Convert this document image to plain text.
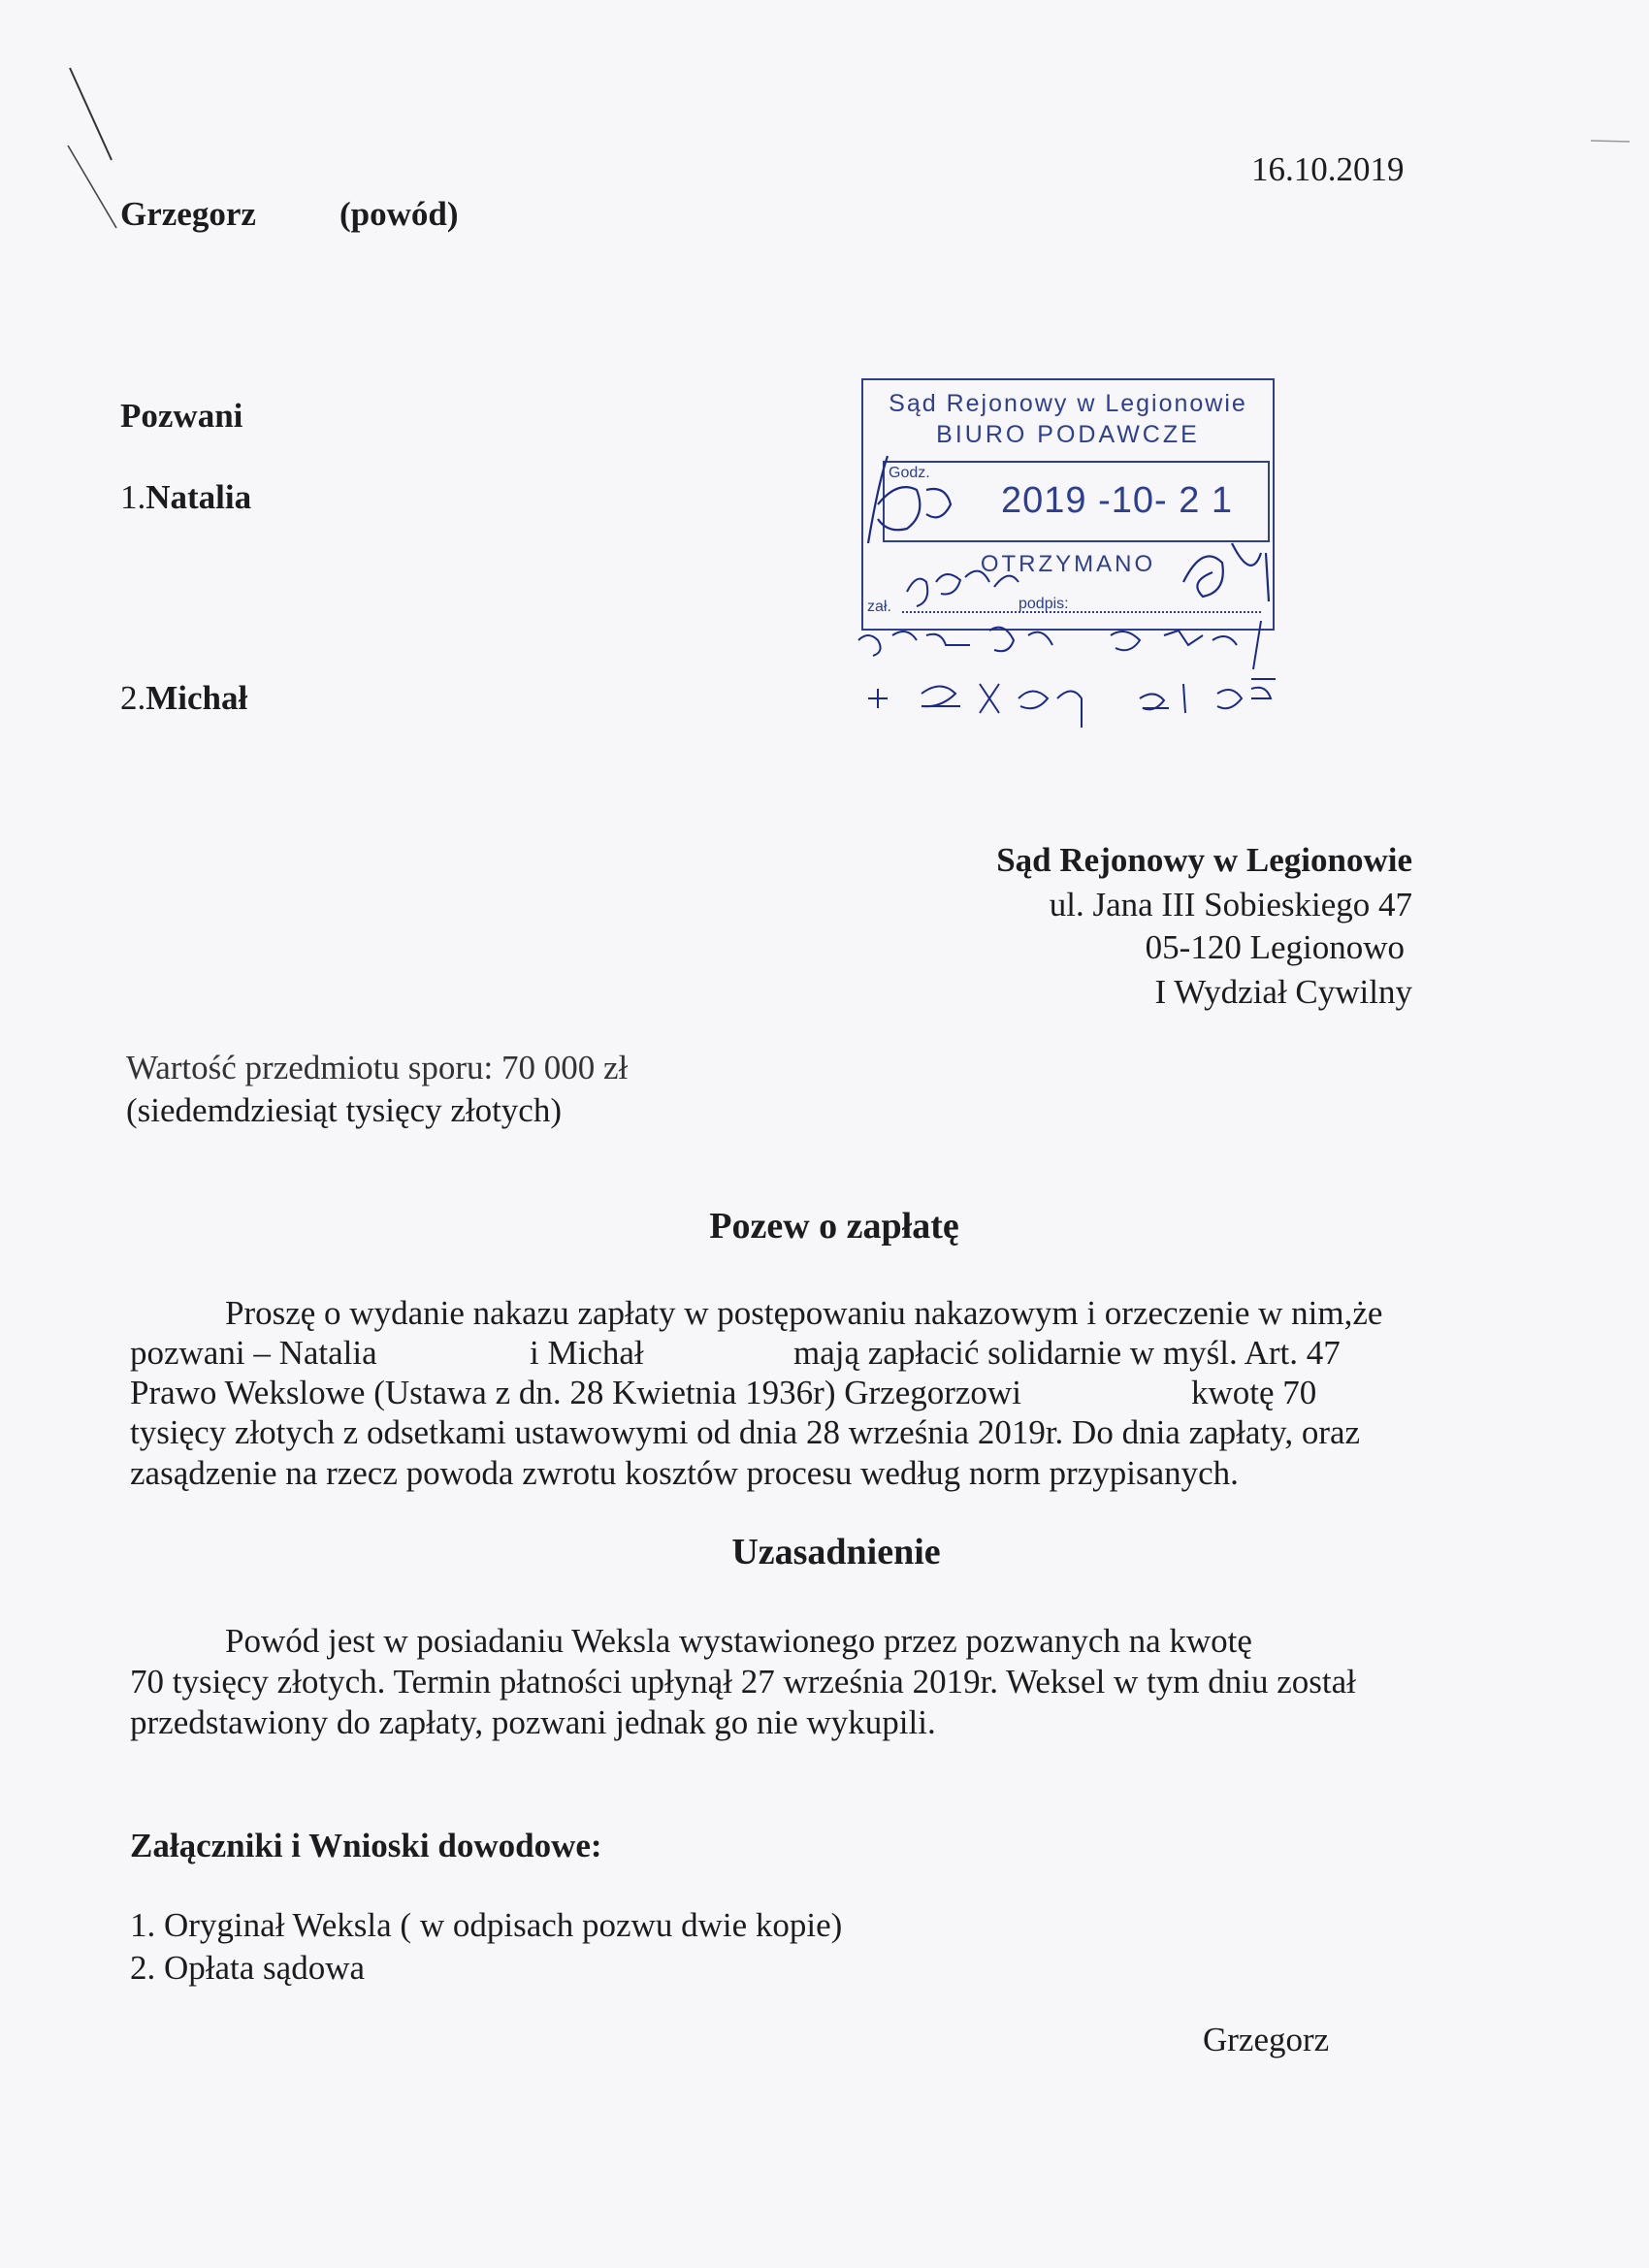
16.10.2019
Grzegorz (powód)
Pozwani
1.Natalia
2.Michał
Sąd Rejonowy w Legionowie
BIURO PODAWCZE
Godz.
2019 -10- 2 1
OTRZYMANO
zał.	podpis:
Sąd Rejonowy w Legionowie
ul. Jana III Sobieskiego 47
05-120 Legionowo
I Wydział Cywilny
Wartość przedmiotu sporu: 70 000 zł
(siedemdziesiąt tysięcy złotych)
Pozew o zapłatę
Proszę o wydanie nakazu zapłaty w postępowaniu nakazowym i orzeczenie w nim,że
pozwani – Natalia	i Michał	mają zapłacić solidarnie w myśl. Art. 47
Prawo Wekslowe (Ustawa z dn. 28 Kwietnia 1936r) Grzegorzowi	kwotę 70
tysięcy złotych z odsetkami ustawowymi od dnia 28 września 2019r. Do dnia zapłaty, oraz
zasądzenie na rzecz powoda zwrotu kosztów procesu według norm przypisanych.
Uzasadnienie
Powód jest w posiadaniu Weksla wystawionego przez pozwanych na kwotę
70 tysięcy złotych. Termin płatności upłynął 27 września 2019r. Weksel w tym dniu został
przedstawiony do zapłaty, pozwani jednak go nie wykupili.
Załączniki i Wnioski dowodowe:
1. Oryginał Weksla ( w odpisach pozwu dwie kopie)
2. Opłata sądowa
Grzegorz
